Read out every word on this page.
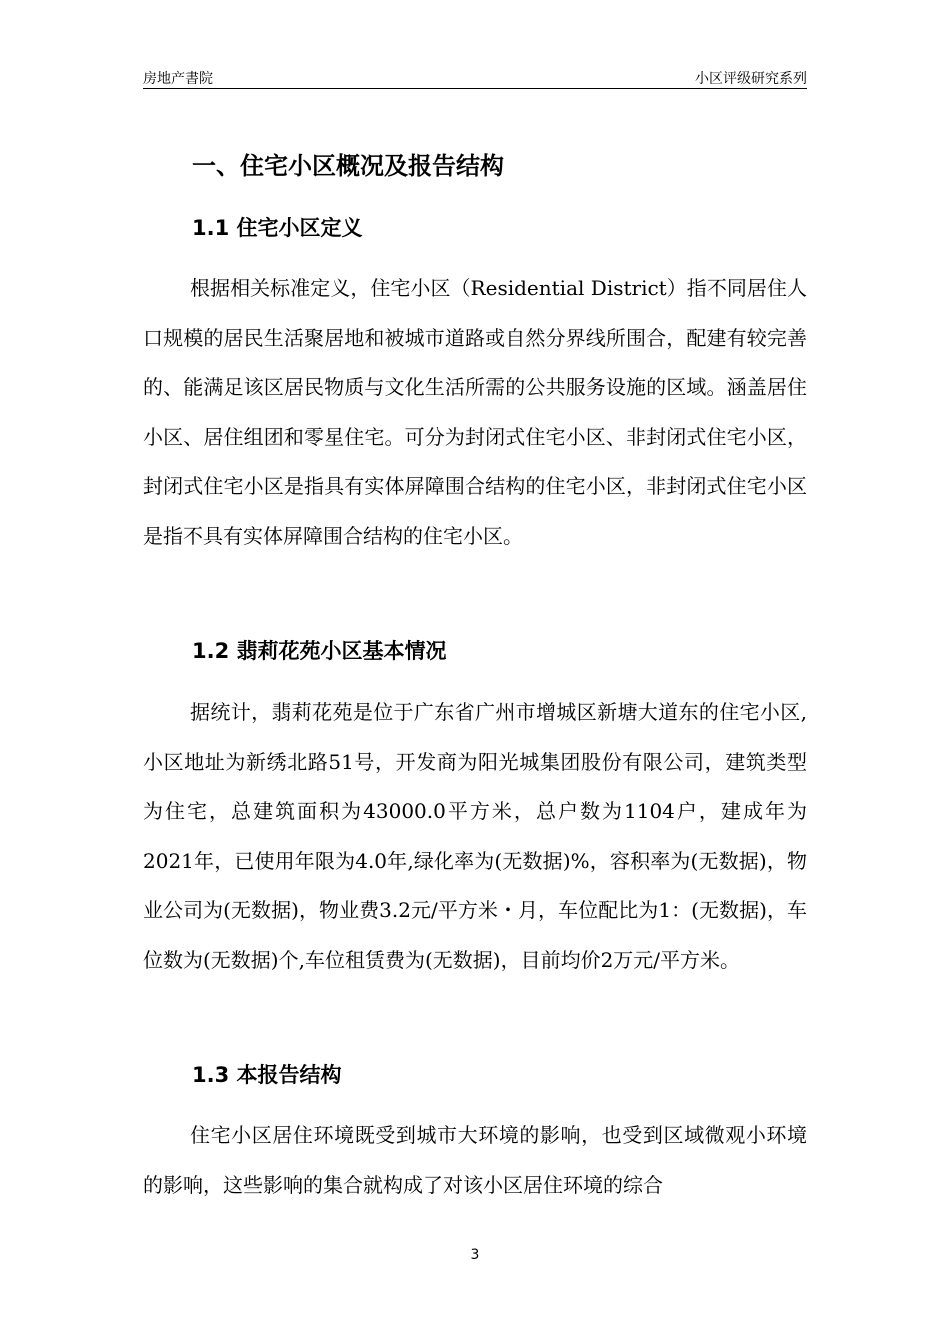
房地产書院	小区评级研究系列
一、住宅小区概况及报告结构
1.1 住宅小区定义

根据相关标准定义，住宅小区（Residential District）指不同居住人口规模的居民生活聚居地和被城市道路或自然分界线所围合，配建有较完善的、能满足该区居民物质与文化生活所需的公共服务设施的区域。涵盖居住小区、居住组团和零星住宅。可分为封闭式住宅小区、非封闭式住宅小区，封闭式住宅小区是指具有实体屏障围合结构的住宅小区，非封闭式住宅小区是指不具有实体屏障围合结构的住宅小区。

1.2 翡莉花苑小区基本情况

据统计，翡莉花苑是位于广东省广州市增城区新塘大道东的住宅小区,小区地址为新绣北路51号，开发商为阳光城集团股份有限公司，建筑类型为住宅，总建筑面积为43000.0平方米，总户数为1104户，建成年为2021年，已使用年限为4.0年,绿化率为(无数据)%，容积率为(无数据)，物业公司为(无数据)，物业费3.2元/平方米・月，车位配比为1：(无数据)，车位数为(无数据)个,车位租赁费为(无数据)，目前均价2万元/平方米。

1.3 本报告结构

住宅小区居住环境既受到城市大环境的影响，也受到区域微观小环境的影响，这些影响的集合就构成了对该小区居住环境的综合

3
